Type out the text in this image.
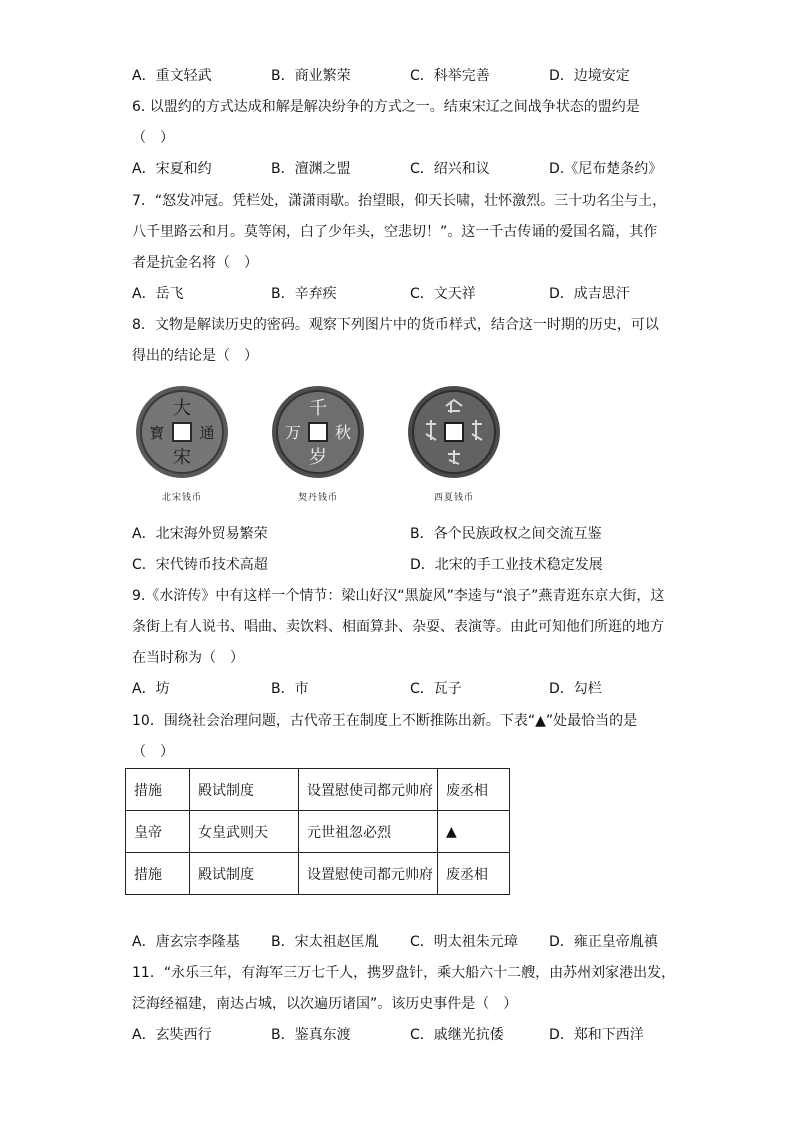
A．重文轻武	B．商业繁荣	C．科举完善	D．边境安定
6. 以盟约的方式达成和解是解决纷争的方式之一。结束宋辽之间战争状态的盟约是
（　）
A．宋夏和约	B．澶渊之盟	C．绍兴和议	D.《尼布楚条约》
7．“怒发冲冠。凭栏处，潇潇雨歇。抬望眼，仰天长啸，壮怀激烈。三十功名尘与土，
八千里路云和月。莫等闲，白了少年头，空悲切！”。这一千古传诵的爱国名篇，其作
者是抗金名将（　）
A．岳飞	B．辛弃疾	C．文天祥	D．成吉思汗
8．文物是解读历史的密码。观察下列图片中的货币样式，结合这一时期的历史，可以
得出的结论是（　）
大
通
宋
寳
北宋钱币
千
秋
岁
万
契丹钱币	西夏钱币
A．北宋海外贸易繁荣	B．各个民族政权之间交流互鉴
C．宋代铸币技术高超	D．北宋的手工业技术稳定发展
9.《水浒传》中有这样一个情节：梁山好汉“黑旋风”李逵与“浪子”燕青逛东京大街，这
条街上有人说书、唱曲、卖饮料、相面算卦、杂耍、表演等。由此可知他们所逛的地方
在当时称为（　）
A．坊	B．市	C．瓦子	D．勾栏
10．围绕社会治理问题，古代帝王在制度上不断推陈出新。下表“▲”处最恰当的是
（　）
措施	殿试制度	设置慰使司都元帅府	废丞相
皇帝	女皇武则天	元世祖忽必烈	▲
措施	殿试制度	设置慰使司都元帅府	废丞相
A．唐玄宗李隆基 B．宋太祖赵匡胤 C．明太祖朱元璋 D．雍正皇帝胤禛
11．“永乐三年，有海军三万七千人，携罗盘针，乘大船六十二艘，由苏州刘家港出发，
泛海经福建，南达占城，以次遍历诸国”。该历史事件是（　）
A．玄奘西行	B．鉴真东渡	C．戚继光抗倭	D．郑和下西洋
